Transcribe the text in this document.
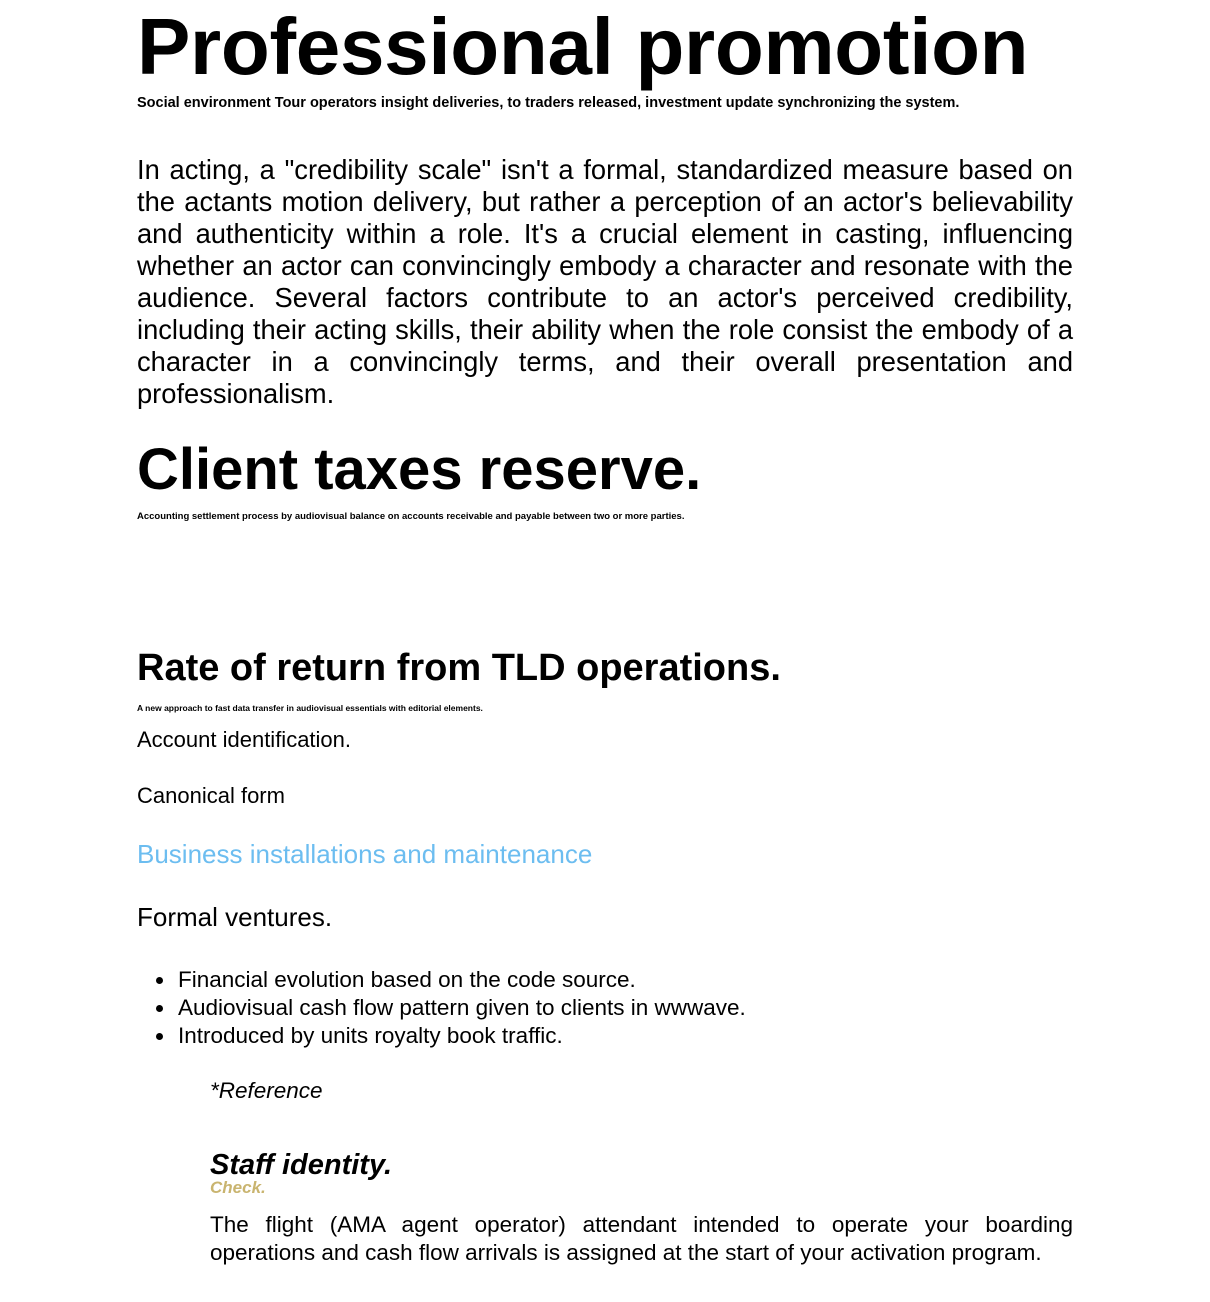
Professional promotion

Social environment Tour operators insight deliveries, to traders released, investment update synchronizing the system.

In acting, a "credibility scale" isn't a formal, standardized measure based on the actants motion delivery, but rather a perception of an actor's believability and authenticity within a role. It's a crucial element in casting, influencing whether an actor can convincingly embody a character and resonate with the audience. Several factors contribute to an actor's perceived credibility, including their acting skills, their ability when the role consist the embody of a character in a convincingly terms, and their overall presentation and professionalism.

Client taxes reserve.

Accounting settlement process by audiovisual balance on accounts receivable and payable between two or more parties.

Rate of return from TLD operations.

A new approach to fast data transfer in audiovisual essentials with editorial elements.

Account identification.

Canonical form

Business installations and maintenance

Formal ventures.

Financial evolution based on the code source.
Audiovisual cash flow pattern given to clients in wwwave.
Introduced by units royalty book traffic.

*Reference

Staff identity.

Check.

The flight (AMA agent operator) attendant intended to operate your boarding operations and cash flow arrivals is assigned at the start of your activation program.
